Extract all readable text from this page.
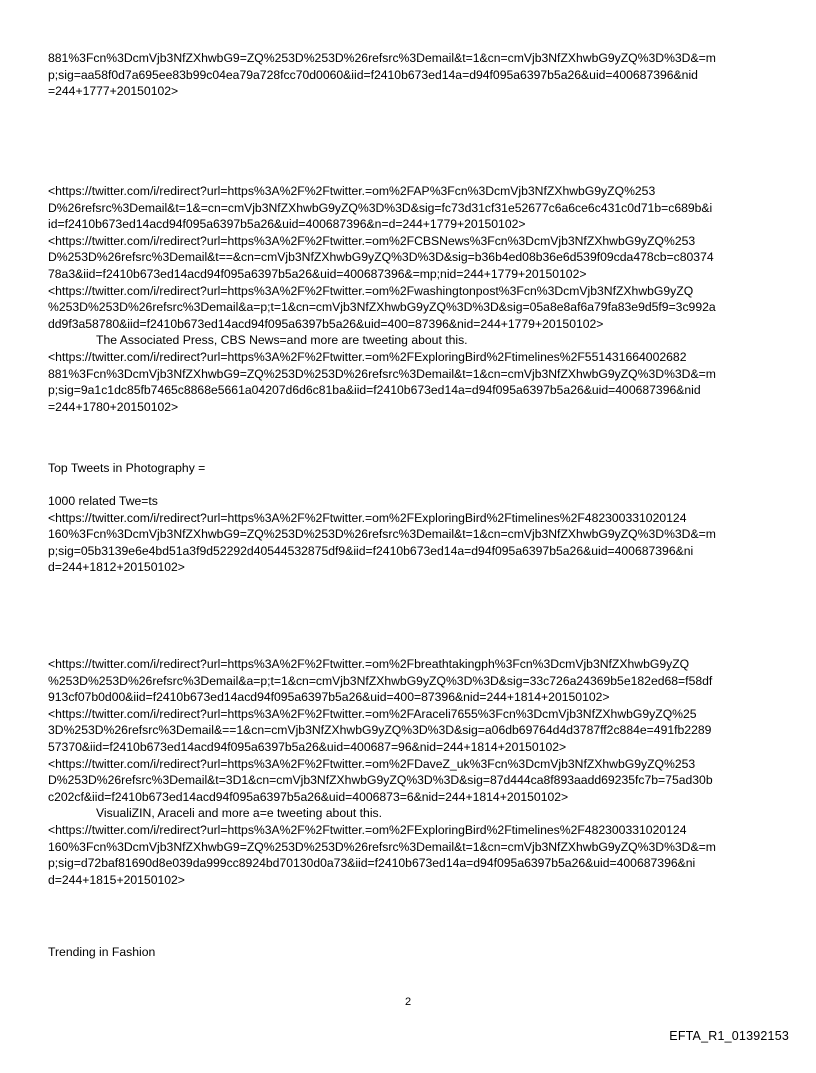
881%3Fcn%3DcmVjb3NfZXhwbG9=ZQ%253D%253D%26refsrc%3Demail&t=1&cn=cmVjb3NfZXhwbG9yZQ%3D%3D&=m
p;sig=aa58f0d7a695ee83b99c04ea79a728fcc70d0060&iid=f2410b673ed14a=d94f095a6397b5a26&uid=400687396&nid
=244+1777+20150102>
<https://twitter.com/i/redirect?url=https%3A%2F%2Ftwitter.=om%2FAP%3Fcn%3DcmVjb3NfZXhwbG9yZQ%253
D%26refsrc%3Demail&t=1&=cn=cmVjb3NfZXhwbG9yZQ%3D%3D&sig=fc73d31cf31e52677c6a6ce6c431c0d71b=c689b&i
id=f2410b673ed14acd94f095a6397b5a26&uid=400687396&n=d=244+1779+20150102>
<https://twitter.com/i/redirect?url=https%3A%2F%2Ftwitter.=om%2FCBSNews%3Fcn%3DcmVjb3NfZXhwbG9yZQ%253
D%253D%26refsrc%3Demail&t==&cn=cmVjb3NfZXhwbG9yZQ%3D%3D&sig=b36b4ed08b36e6d539f09cda478cb=c80374
78a3&iid=f2410b673ed14acd94f095a6397b5a26&uid=400687396&=mp;nid=244+1779+20150102>
<https://twitter.com/i/redirect?url=https%3A%2F%2Ftwitter.=om%2Fwashingtonpost%3Fcn%3DcmVjb3NfZXhwbG9yZQ
%253D%253D%26refsrc%3Demail&a=p;t=1&cn=cmVjb3NfZXhwbG9yZQ%3D%3D&sig=05a8e8af6a79fa83e9d5f9=3c992a
dd9f3a58780&iid=f2410b673ed14acd94f095a6397b5a26&uid=400=87396&nid=244+1779+20150102>
The Associated Press, CBS News=and more are tweeting about this.
<https://twitter.com/i/redirect?url=https%3A%2F%2Ftwitter.=om%2FExploringBird%2Ftimelines%2F551431664002682
881%3Fcn%3DcmVjb3NfZXhwbG9=ZQ%253D%253D%26refsrc%3Demail&t=1&cn=cmVjb3NfZXhwbG9yZQ%3D%3D&=m
p;sig=9a1c1dc85fb7465c8868e5661a04207d6d6c81ba&iid=f2410b673ed14a=d94f095a6397b5a26&uid=400687396&nid
=244+1780+20150102>
Top Tweets in Photography =
1000 related Twe=ts
<https://twitter.com/i/redirect?url=https%3A%2F%2Ftwitter.=om%2FExploringBird%2Ftimelines%2F482300331020124
160%3Fcn%3DcmVjb3NfZXhwbG9=ZQ%253D%253D%26refsrc%3Demail&t=1&cn=cmVjb3NfZXhwbG9yZQ%3D%3D&=m
p;sig=05b3139e6e4bd51a3f9d52292d40544532875df9&iid=f2410b673ed14a=d94f095a6397b5a26&uid=400687396&ni
d=244+1812+20150102>
<https://twitter.com/i/redirect?url=https%3A%2F%2Ftwitter.=om%2Fbreathtakingph%3Fcn%3DcmVjb3NfZXhwbG9yZQ
%253D%253D%26refsrc%3Demail&a=p;t=1&cn=cmVjb3NfZXhwbG9yZQ%3D%3D&sig=33c726a24369b5e182ed68=f58df
913cf07b0d00&iid=f2410b673ed14acd94f095a6397b5a26&uid=400=87396&nid=244+1814+20150102>
<https://twitter.com/i/redirect?url=https%3A%2F%2Ftwitter.=om%2FAraceli7655%3Fcn%3DcmVjb3NfZXhwbG9yZQ%25
3D%253D%26refsrc%3Demail&==1&cn=cmVjb3NfZXhwbG9yZQ%3D%3D&sig=a06db69764d4d3787ff2c884e=491fb2289
57370&iid=f2410b673ed14acd94f095a6397b5a26&uid=400687=96&nid=244+1814+20150102>
<https://twitter.com/i/redirect?url=https%3A%2F%2Ftwitter.=om%2FDaveZ_uk%3Fcn%3DcmVjb3NfZXhwbG9yZQ%253
D%253D%26refsrc%3Demail&t=3D1&cn=cmVjb3NfZXhwbG9yZQ%3D%3D&sig=87d444ca8f893aadd69235fc7b=75ad30b
c202cf&iid=f2410b673ed14acd94f095a6397b5a26&uid=4006873=6&nid=244+1814+20150102>
VisualiZIN, Araceli and more a=e tweeting about this.
<https://twitter.com/i/redirect?url=https%3A%2F%2Ftwitter.=om%2FExploringBird%2Ftimelines%2F482300331020124
160%3Fcn%3DcmVjb3NfZXhwbG9=ZQ%253D%253D%26refsrc%3Demail&t=1&cn=cmVjb3NfZXhwbG9yZQ%3D%3D&=m
p;sig=d72baf81690d8e039da999cc8924bd70130d0a73&iid=f2410b673ed14a=d94f095a6397b5a26&uid=400687396&ni
d=244+1815+20150102>
Trending in Fashion
2
EFTA_R1_01392153
